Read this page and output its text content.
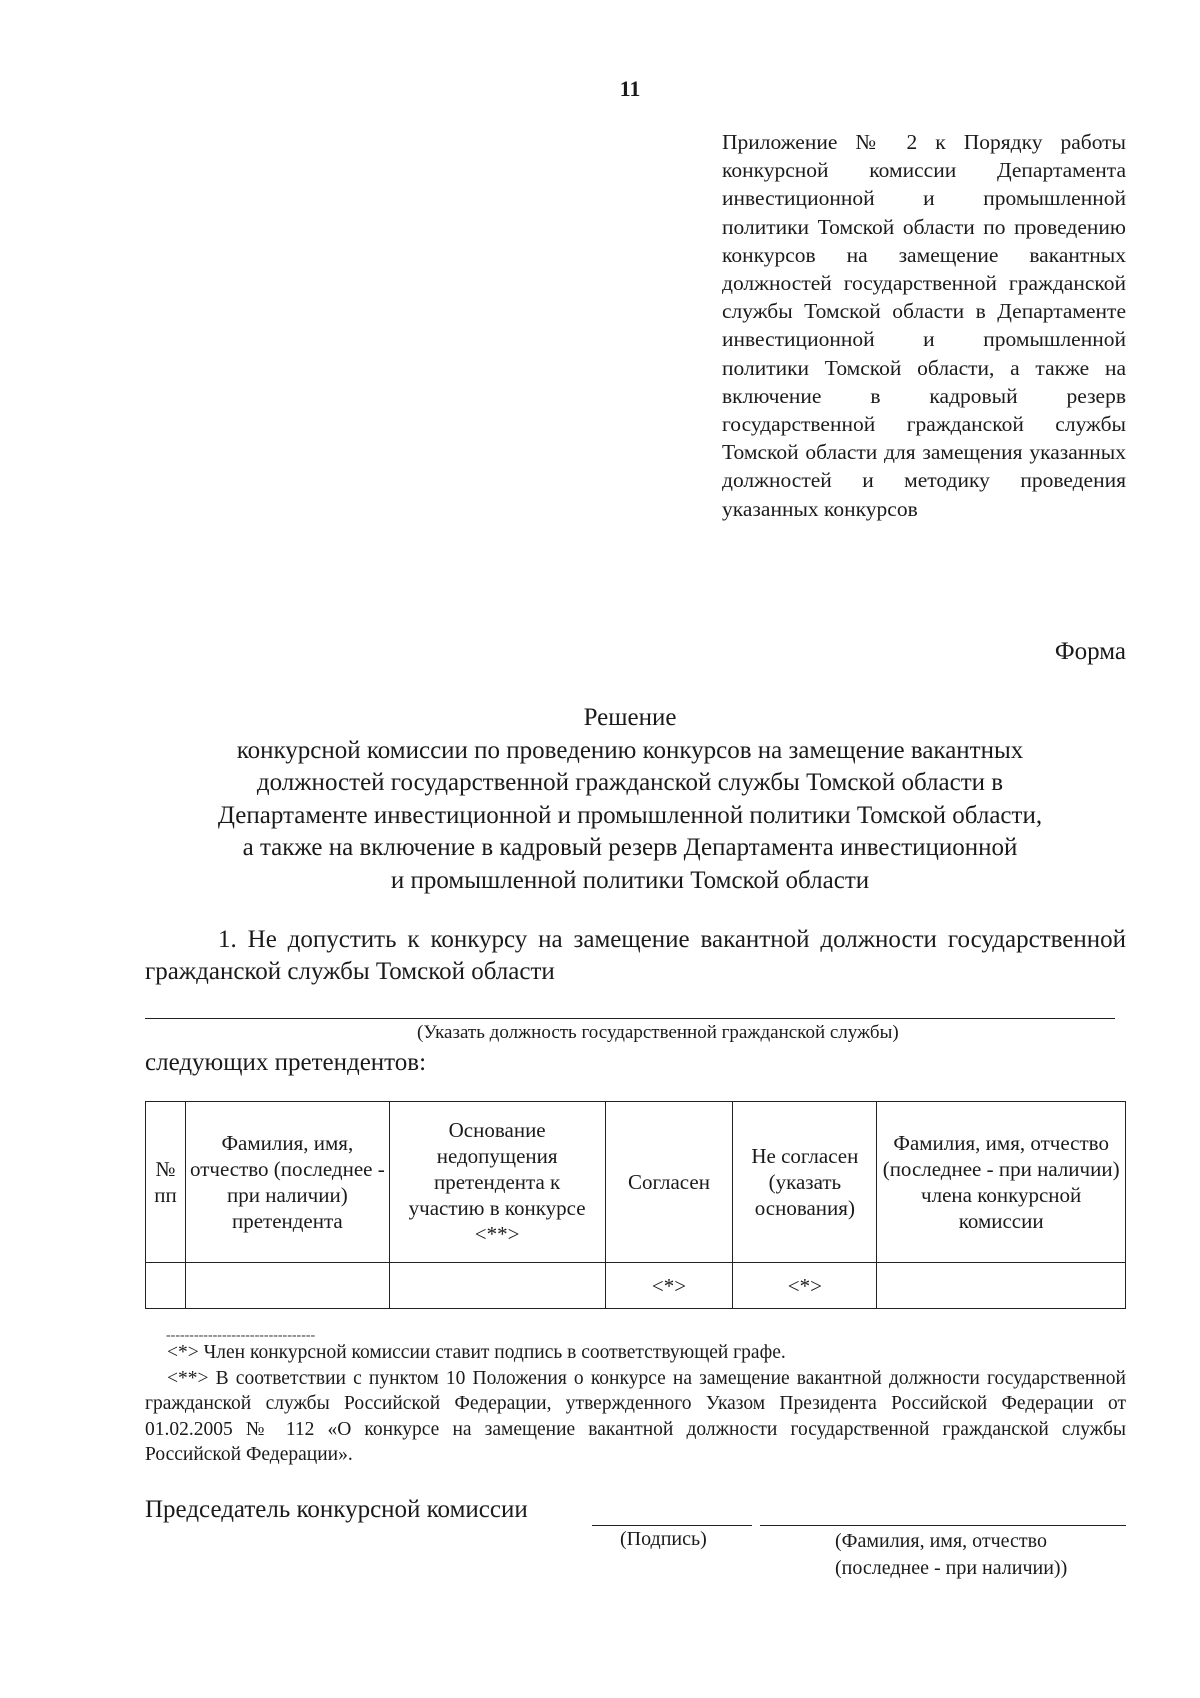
11
Приложение № 2 к Порядку работы конкурсной комиссии Департамента инвестиционной и промышленной политики Томской области по проведению конкурсов на замещение вакантных должностей государственной гражданской службы Томской области в Департаменте инвестиционной и промышленной политики Томской области, а также на включение в кадровый резерв государственной гражданской службы Томской области для замещения указанных должностей и методику проведения указанных конкурсов
Форма
Решение
конкурсной комиссии по проведению конкурсов на замещение вакантных
должностей государственной гражданской службы Томской области в
Департаменте инвестиционной и промышленной политики Томской области,
а также на включение в кадровый резерв Департамента инвестиционной
и промышленной политики Томской области
1. Не допустить к конкурсу на замещение вакантной должности государственной гражданской службы Томской области
(Указать должность государственной гражданской службы)
следующих претендентов:
№ пп	Фамилия, имя, отчество (последнее - при наличии) претендента	Основание недопущения претендента к участию в конкурсе <**>	Согласен	Не согласен (указать основания)	Фамилия, имя, отчество (последнее - при наличии) члена конкурсной комиссии
			<*>	<*>	
--------------------------------

<*> Член конкурсной комиссии ставит подпись в соответствующей графе.

<**> В соответствии с пунктом 10 Положения о конкурсе на замещение вакантной должности государственной гражданской службы Российской Федерации, утвержденного Указом Президента Российской Федерации от 01.02.2005 № 112 «О конкурсе на замещение вакантной должности государственной гражданской службы Российской Федерации».

Председатель конкурсной комиссии
(Подпись)	(Фамилия, имя, отчество
(последнее - при наличии))
